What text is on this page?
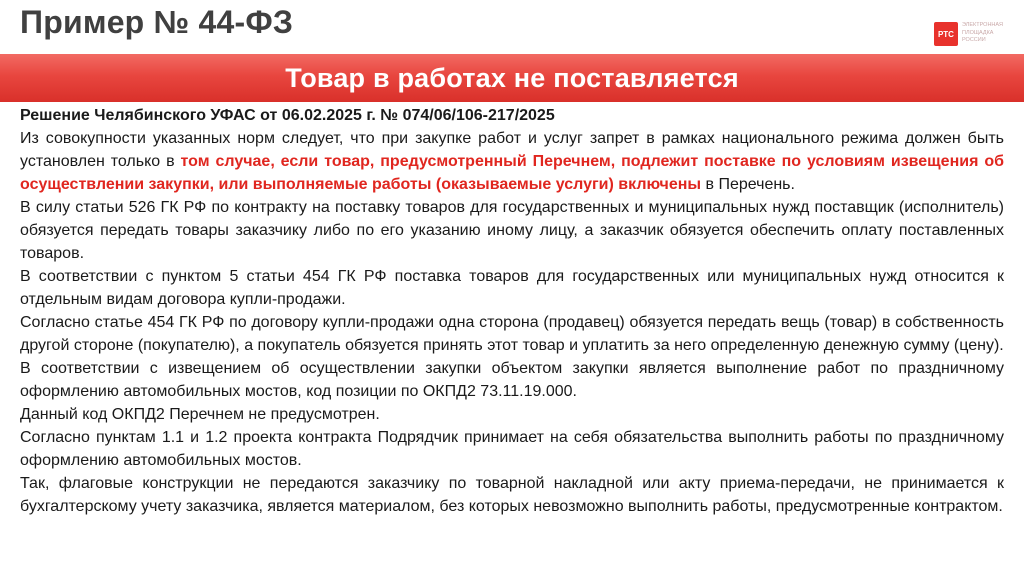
Пример № 44-ФЗ	РТС
ЭЛЕКТРОННАЯ ПЛОЩАДКА РОССИИ
Товар в работах не поставляется

Решение Челябинского УФАС от 06.02.2025 г. № 074/06/106-217/2025

Из совокупности указанных норм следует, что при закупке работ и услуг запрет в рамках национального режима должен быть установлен только в том случае, если товар, предусмотренный Перечнем, подлежит поставке по условиям извещения об осуществлении закупки, или выполняемые работы (оказываемые услуги) включены в Перечень.

В силу статьи 526 ГК РФ по контракту на поставку товаров для государственных и муниципальных нужд поставщик (исполнитель) обязуется передать товары заказчику либо по его указанию иному лицу, а заказчик обязуется обеспечить оплату поставленных товаров.

В соответствии с пунктом 5 статьи 454 ГК РФ поставка товаров для государственных или муниципальных нужд относится к отдельным видам договора купли-продажи.

Согласно статье 454 ГК РФ по договору купли-продажи одна сторона (продавец) обязуется передать вещь (товар) в собственность другой стороне (покупателю), а покупатель обязуется принять этот товар и уплатить за него определенную денежную сумму (цену).

В соответствии с извещением об осуществлении закупки объектом закупки является выполнение работ по праздничному оформлению автомобильных мостов, код позиции по ОКПД2 73.11.19.000.

Данный код ОКПД2 Перечнем не предусмотрен.

Согласно пунктам 1.1 и 1.2 проекта контракта Подрядчик принимает на себя обязательства выполнить работы по праздничному оформлению автомобильных мостов.

Так, флаговые конструкции не передаются заказчику по товарной накладной или акту приема-передачи, не принимается к бухгалтерскому учету заказчика, является материалом, без которых невозможно выполнить работы, предусмотренные контрактом.
